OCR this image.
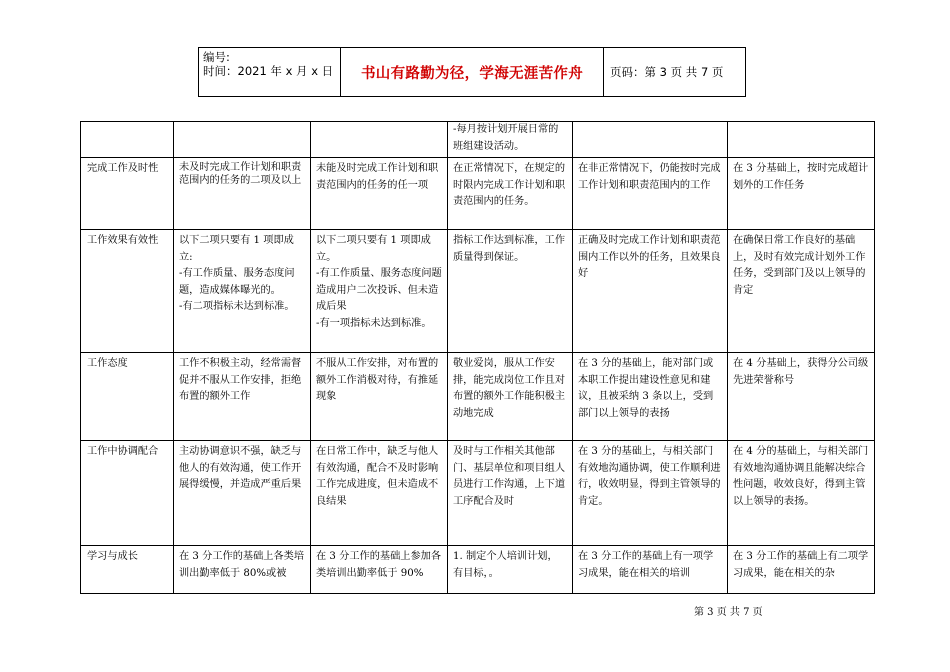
编号:
时间：2021 年 x 月 x 日	书山有路勤为径，学海无涯苦作舟	页码：第 3 页 共 7 页
			-每月按计划开展日常的班组建设活动。		
完成工作及时性	未及时完成工作计划和职责范围内的任务的二项及以上	未能及时完成工作计划和职责范围内的任务的任一项	在正常情况下，在规定的时限内完成工作计划和职责范围内的任务。	在非正常情况下，仍能按时完成工作计划和职责范围内的工作	在 3 分基础上，按时完成超计划外的工作任务
工作效果有效性	以下二项只要有 1 项即成立:
-有工作质量、服务态度问题，造成媒体曝光的。
-有二项指标未达到标准。	以下二项只要有 1 项即成立。
-有工作质量、服务态度问题造成用户二次投诉、但未造成后果
-有一项指标未达到标准。	指标工作达到标准，工作质量得到保证。	正确及时完成工作计划和职责范围内工作以外的任务，且效果良好	在确保日常工作良好的基础上，及时有效完成计划外工作任务，受到部门及以上领导的肯定
工作态度	工作不积极主动，经常需督促并不服从工作安排，拒绝布置的额外工作	不服从工作安排，对布置的额外工作消极对待，有推延现象	敬业爱岗，服从工作安排，能完成岗位工作且对布置的额外工作能积极主动地完成	在 3 分的基础上，能对部门或本职工作提出建设性意见和建议，且被采纳 3 条以上，受到部门以上领导的表扬	在 4 分基础上，获得分公司级先进荣誉称号
工作中协调配合	主动协调意识不强，缺乏与他人的有效沟通，使工作开展得缓慢，并造成严重后果	在日常工作中，缺乏与他人有效沟通，配合不及时影响工作完成进度，但未造成不良结果	及时与工作相关其他部门、基层单位和项目组人员进行工作沟通，上下道工序配合及时	在 3 分的基础上，与相关部门有效地沟通协调，使工作顺利进行，收效明显，得到主管领导的肯定。	在 4 分的基础上，与相关部门有效地沟通协调且能解决综合性问题，收效良好，得到主管以上领导的表扬。
学习与成长	在 3 分工作的基础上各类培训出勤率低于 80%或被	在 3 分工作的基础上参加各类培训出勤率低于 90%	1. 制定个人培训计划，有目标，。	在 3 分工作的基础上有一项学习成果，能在相关的培训	在 3 分工作的基础上有二项学习成果，能在相关的杂
第 3 页 共 7 页
